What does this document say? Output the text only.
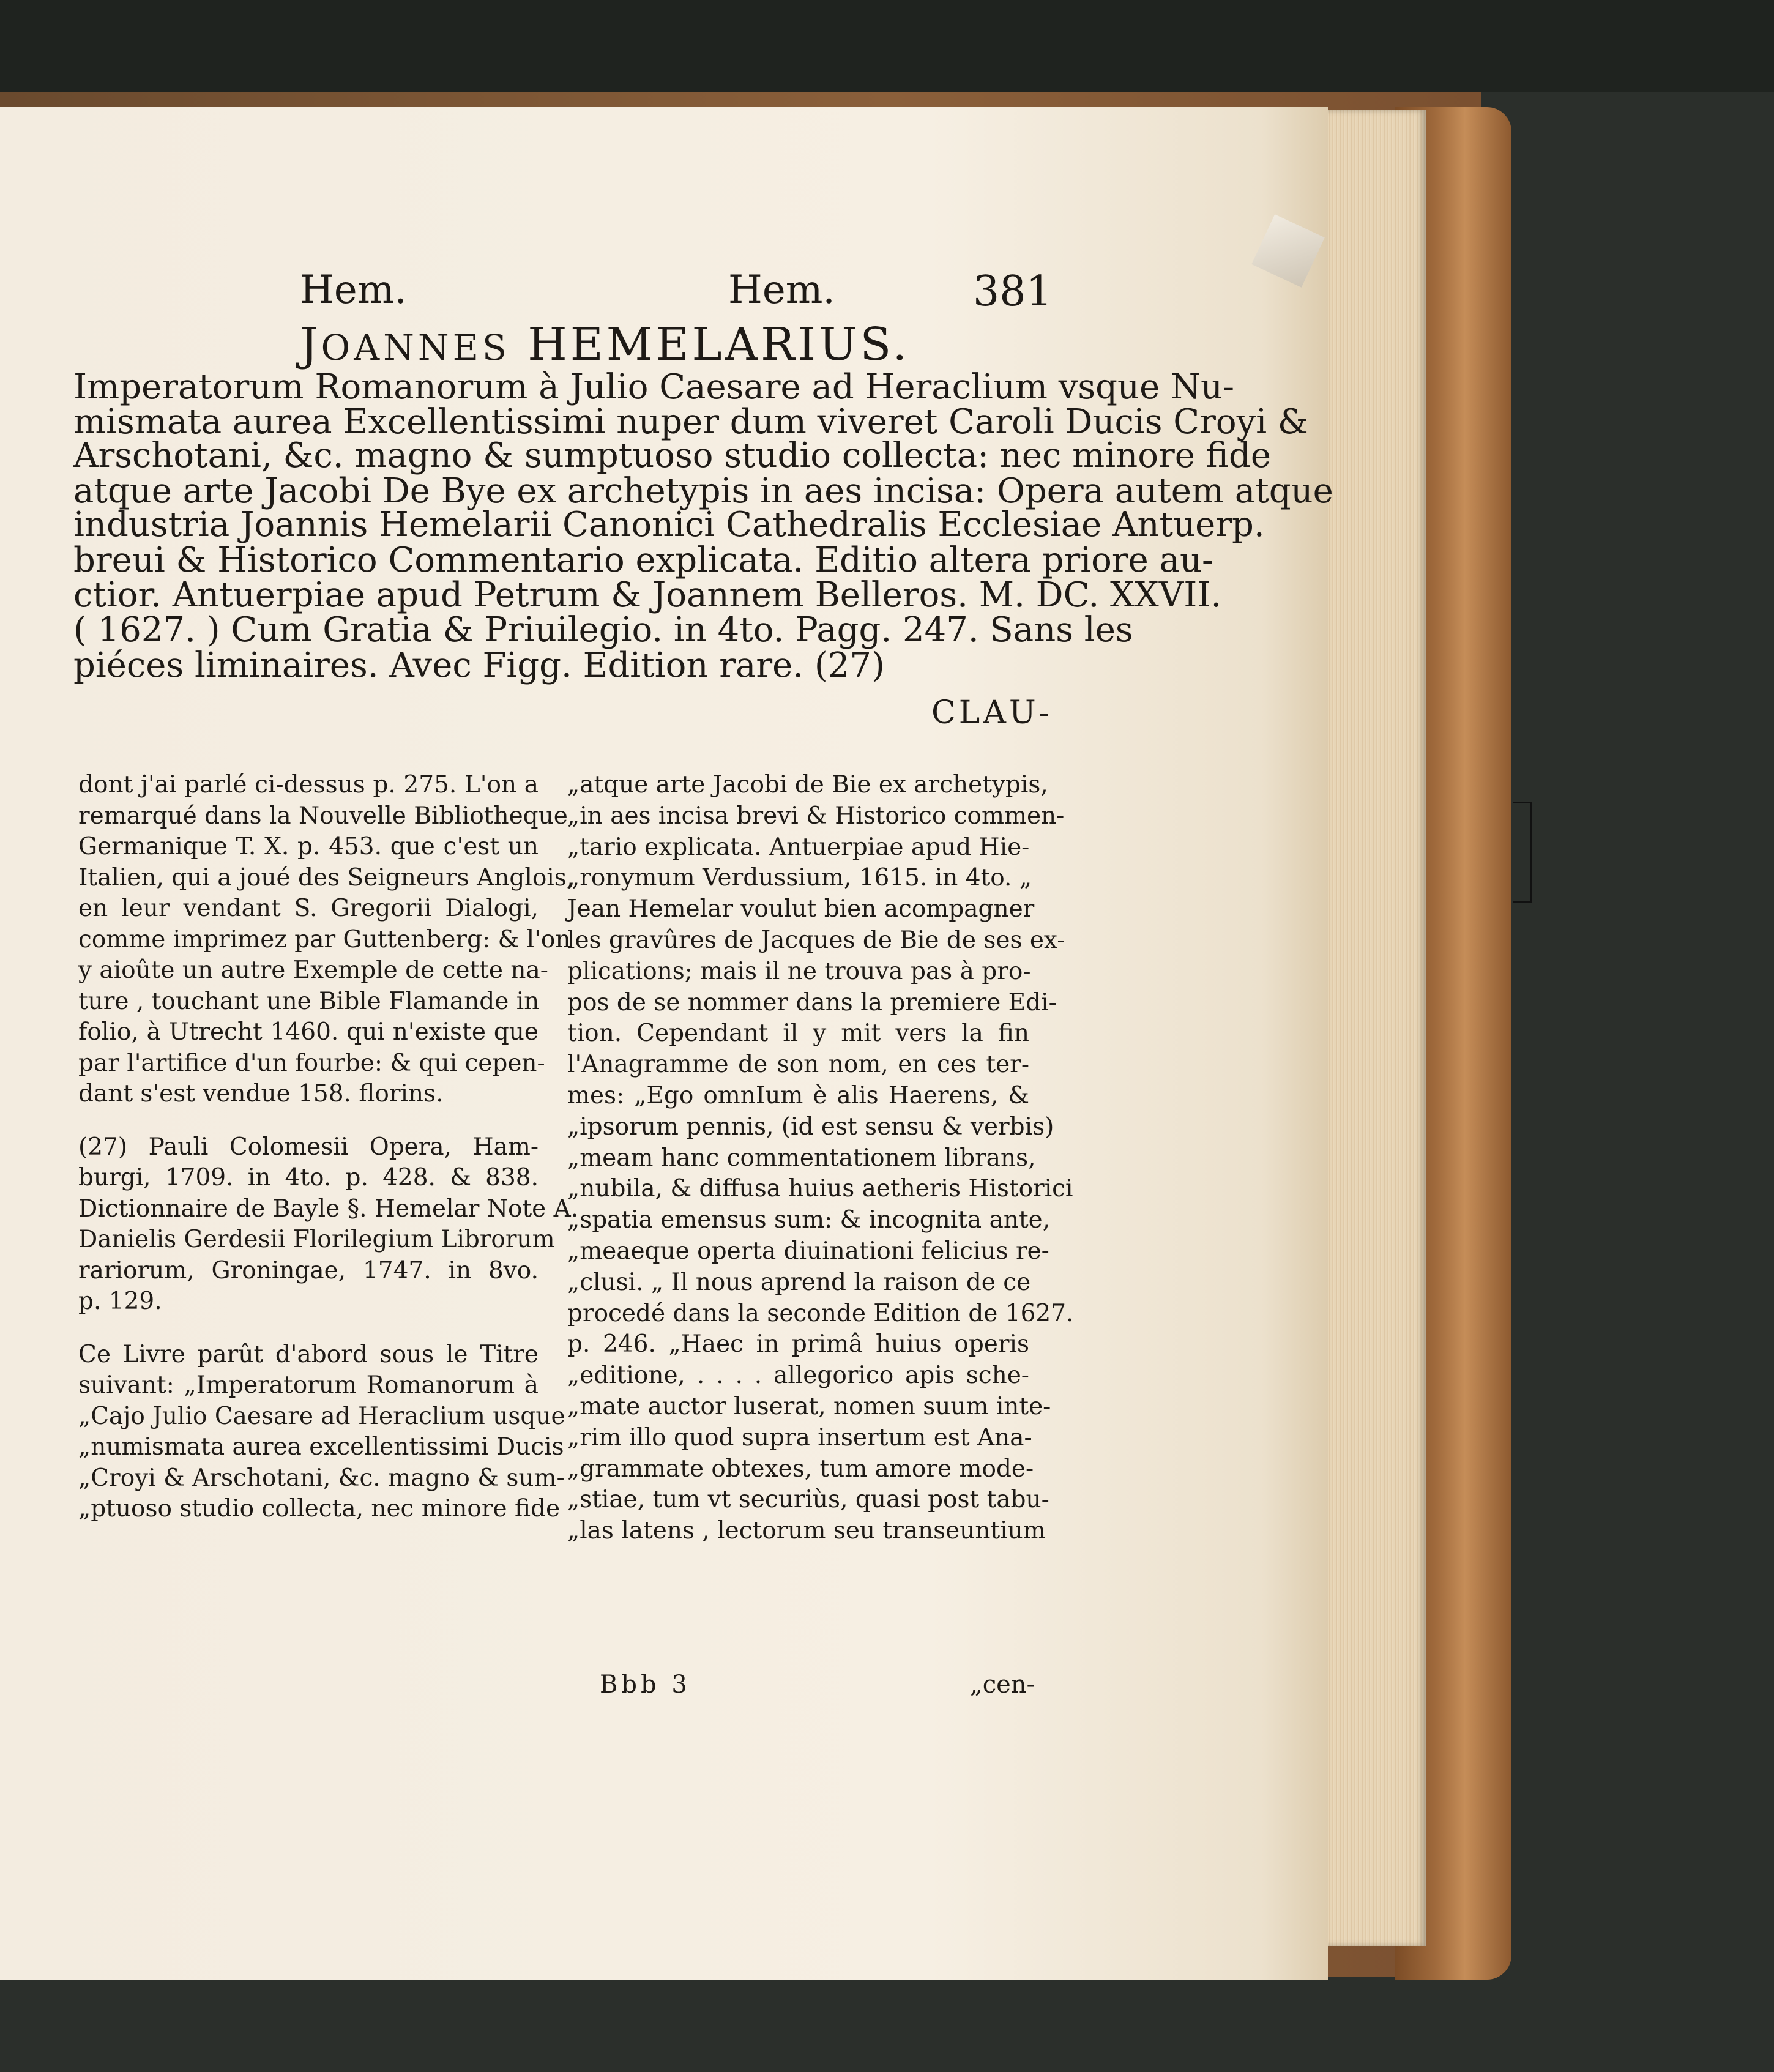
Hem.	Hem.	381
JOANNES HEMELARIUS.
Imperatorum Romanorum à Julio Caesare ad Heraclium vsque Nu-
mismata aurea Excellentissimi nuper dum viveret Caroli Ducis Croyi &
Arschotani, &c. magno & sumptuoso studio collecta: nec minore fide
atque arte Jacobi De Bye ex archetypis in aes incisa: Opera autem atque
industria Joannis Hemelarii Canonici Cathedralis Ecclesiae Antuerp.
breui & Historico Commentario explicata. Editio altera priore au-
ctior. Antuerpiae apud Petrum & Joannem Belleros. M. DC. XXVII.
( 1627. ) Cum Gratia & Priuilegio. in 4to. Pagg. 247. Sans les
piéces liminaires. Avec Figg. Edition rare. (27)
CLAU-
dont j'ai parlé ci-dessus p. 275. L'on a
remarqué dans la Nouvelle Bibliotheque
Germanique T. X. p. 453. que c'est un
Italien, qui a joué des Seigneurs Anglois,
en leur vendant S. Gregorii Dialogi,
comme imprimez par Guttenberg: & l'on
y aioûte un autre Exemple de cette na-
ture , touchant une Bible Flamande in
folio, à Utrecht 1460. qui n'existe que
par l'artifice d'un fourbe: & qui cepen-
dant s'est vendue 158. florins.
(27) Pauli Colomesii Opera, Ham-
burgi, 1709. in 4to. p. 428. & 838.
Dictionnaire de Bayle §. Hemelar Note A.
Danielis Gerdesii Florilegium Librorum
rariorum, Groningae, 1747. in 8vo.
p. 129.
Ce Livre parût d'abord sous le Titre
suivant: „Imperatorum Romanorum à
„Cajo Julio Caesare ad Heraclium usque
„numismata aurea excellentissimi Ducis
„Croyi & Arschotani, &c. magno & sum-
„ptuoso studio collecta, nec minore fide
„atque arte Jacobi de Bie ex archetypis,
„in aes incisa brevi & Historico commen-
„tario explicata. Antuerpiae apud Hie-
„ronymum Verdussium, 1615. in 4to. „
Jean Hemelar voulut bien acompagner
les gravûres de Jacques de Bie de ses ex-
plications; mais il ne trouva pas à pro-
pos de se nommer dans la premiere Edi-
tion. Cependant il y mit vers la fin
l'Anagramme de son nom, en ces ter-
mes: „Ego omnIum è alis Haerens, &
„ipsorum pennis, (id est sensu & verbis)
„meam hanc commentationem librans,
„nubila, & diffusa huius aetheris Historici
„spatia emensus sum: & incognita ante,
„meaeque operta diuinationi felicius re-
„clusi. „ Il nous aprend la raison de ce
procedé dans la seconde Edition de 1627.
p. 246. „Haec in primâ huius operis
„editione, . . . . allegorico apis sche-
„mate auctor luserat, nomen suum inte-
„rim illo quod supra insertum est Ana-
„grammate obtexes, tum amore mode-
„stiae, tum vt securiùs, quasi post tabu-
„las latens , lectorum seu transeuntium
Bbb 3	„cen-
